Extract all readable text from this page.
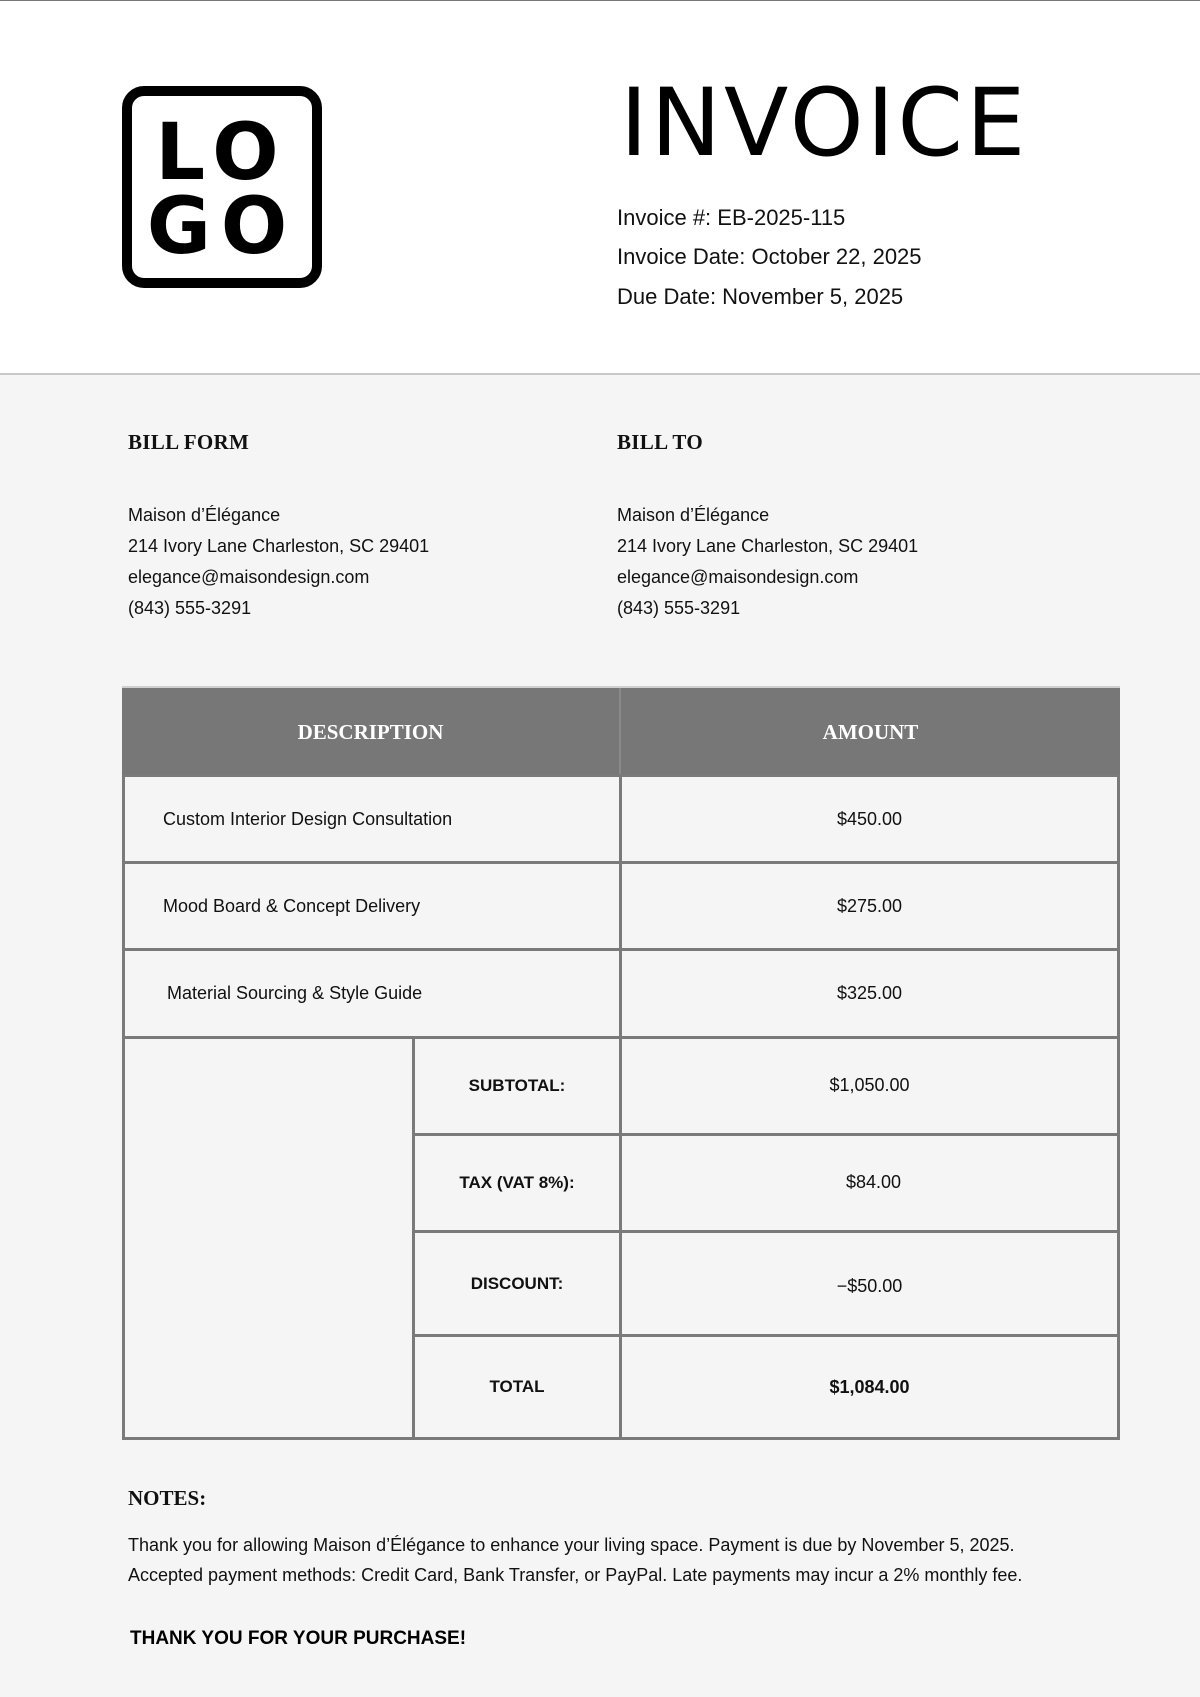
LO
GO
INVOICE
Invoice #: EB-2025-115
Invoice Date: October 22, 2025
Due Date: November 5, 2025
BILL FORM
Maison d’Élégance
214 Ivory Lane Charleston, SC 29401
elegance@maisondesign.com
(843) 555-3291
BILL TO
Maison d’Élégance
214 Ivory Lane Charleston, SC 29401
elegance@maisondesign.com
(843) 555-3291
DESCRIPTION	AMOUNT
Custom Interior Design Consultation	$450.00
Mood Board & Concept Delivery	$275.00
Material Sourcing & Style Guide	$325.00
SUBTOTAL:	$1,050.00
TAX (VAT 8%):	$84.00
DISCOUNT:	−$50.00
TOTAL	$1,084.00
NOTES:
Thank you for allowing Maison d’Élégance to enhance your living space. Payment is due by November 5, 2025.
Accepted payment methods: Credit Card, Bank Transfer, or PayPal. Late payments may incur a 2% monthly fee.
THANK YOU FOR YOUR PURCHASE!
